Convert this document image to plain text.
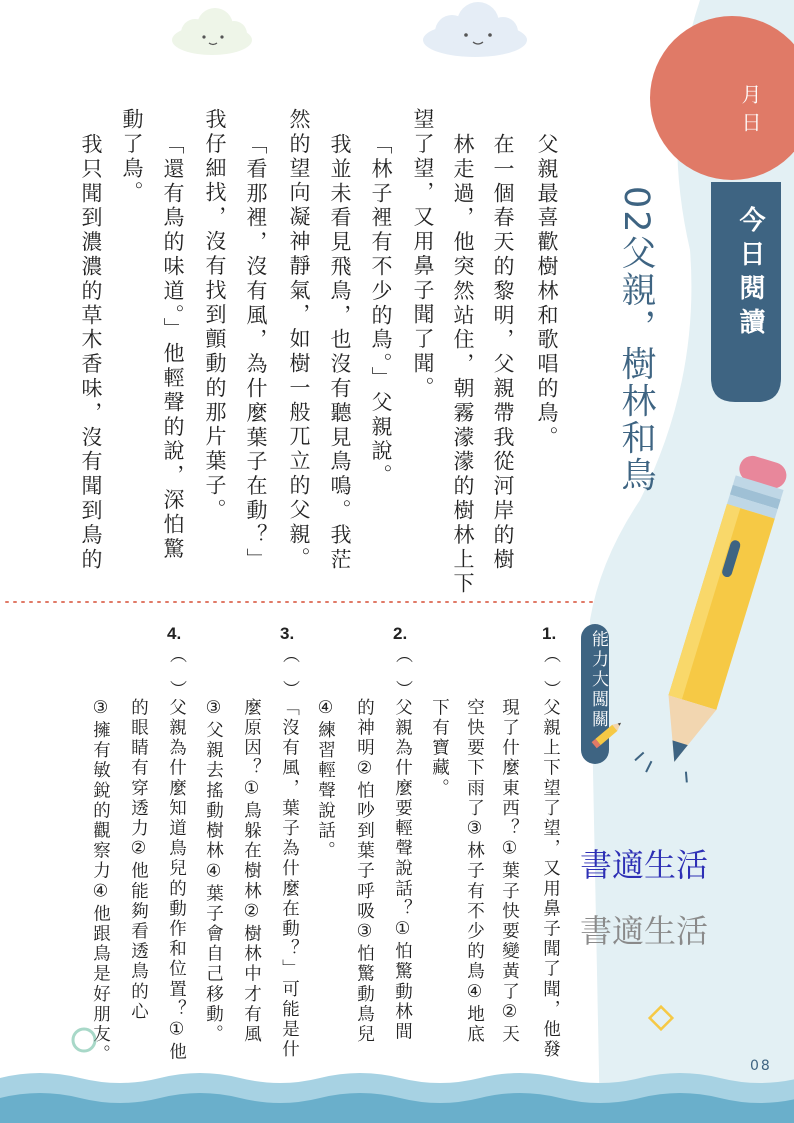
月日
今日閱讀
02父親，樹林和鳥
父親最喜歡樹林和歌唱的鳥。
在一個春天的黎明，父親帶我從河岸的樹
林走過，他突然站住，朝霧濛濛的樹林上下
望了望，又用鼻子聞了聞。
「林子裡有不少的鳥。」父親說。
我並未看見飛鳥，也沒有聽見鳥鳴。我茫
然的望向凝神靜氣，如樹一般兀立的父親。
「看那裡，沒有風，為什麼葉子在動？」
我仔細找，沒有找到顫動的那片葉子。
「還有鳥的味道。」他輕聲的說，深怕驚
動了鳥。
我只聞到濃濃的草木香味，沒有聞到鳥的
能力大闖關
1.
（　）
父親上下望了望，又用鼻子聞了聞，他發
現了什麼東西？①葉子快要變黃了②天
空快要下雨了③林子有不少的鳥④地底
下有寶藏。
2.
（　）
父親為什麼要輕聲說話？①怕驚動林間
的神明②怕吵到葉子呼吸③怕驚動鳥兒
④練習輕聲說話。
3.
（　）
「沒有風，葉子為什麼在動？」可能是什
麼原因？①鳥躲在樹林②樹林中才有風
③父親去搖動樹林④葉子會自己移動。
4.
（　）
父親為什麼知道鳥兒的動作和位置？①他
的眼睛有穿透力②他能夠看透鳥的心
③擁有敏銳的觀察力④他跟鳥是好朋友。	書適生活
書適生活
08
